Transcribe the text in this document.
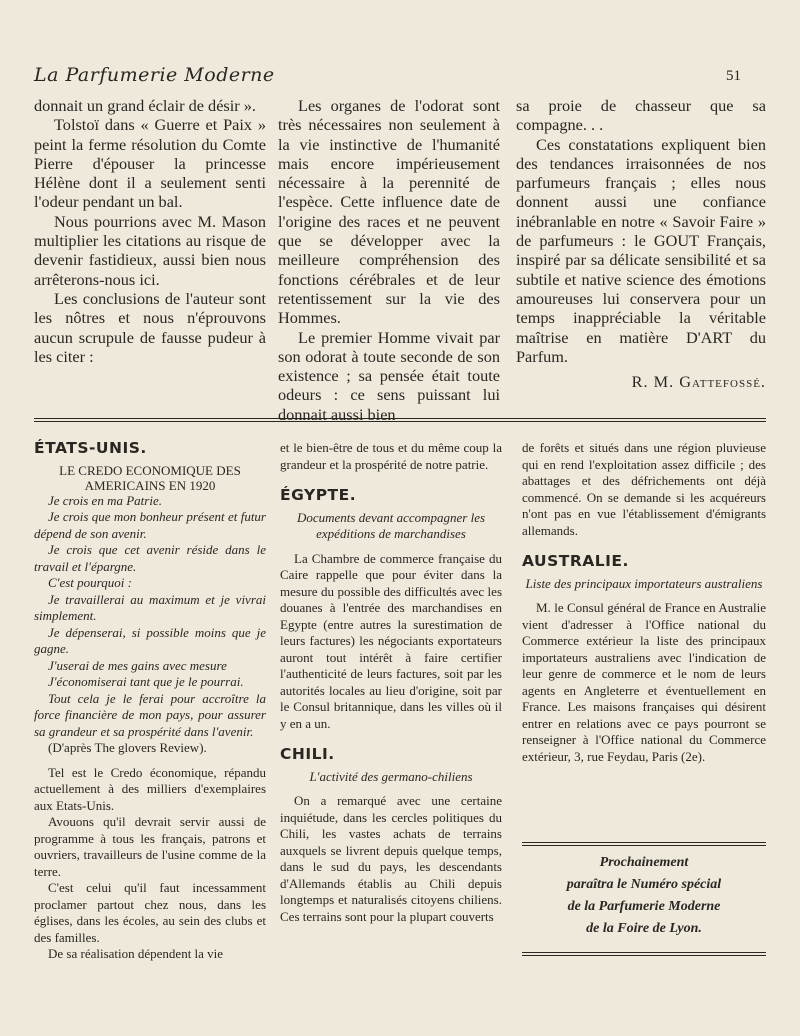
La Parfumerie Moderne	51

donnait un grand éclair de désir ».

Tolstoï dans « Guerre et Paix » peint la ferme résolution du Comte Pierre d'épouser la princesse Hélène dont il a seulement senti l'odeur pendant un bal.

Nous pourrions avec M. Mason multiplier les citations au risque de devenir fastidieux, aussi bien nous arrêterons-nous ici.

Les conclusions de l'auteur sont les nôtres et nous n'éprouvons aucun scrupule de fausse pudeur à les citer :

Les organes de l'odorat sont très nécessaires non seulement à la vie instinctive de l'humanité mais encore impérieusement nécessaire à la perennité de l'espèce. Cette influence date de l'origine des races et ne peuvent que se développer avec la meilleure compréhension des fonctions cérébrales et de leur retentissement sur la vie des Hommes.

Le premier Homme vivait par son odorat à toute seconde de son existence ; sa pensée était toute odeurs : ce sens puissant lui donnait aussi bien

sa proie de chasseur que sa compagne. . .

Ces constatations expliquent bien des tendances irraisonnées de nos parfumeurs français ; elles nous donnent aussi une confiance inébranlable en notre « Savoir Faire » de parfumeurs : le GOUT Français, inspiré par sa délicate sensibilité et sa subtile et native science des émotions amoureuses lui conservera pour un temps inappréciable la véritable maîtrise en matière D'ART du Parfum.

R. M. Gattefossé.

ÉTATS-UNIS.

LE CREDO ECONOMIQUE DES AMERICAINS EN 1920

Je crois en ma Patrie.

Je crois que mon bonheur présent et futur dépend de son avenir.

Je crois que cet avenir réside dans le travail et l'épargne.

C'est pourquoi :

Je travaillerai au maximum et je vivrai simplement.

Je dépenserai, si possible moins que je gagne.

J'userai de mes gains avec mesure

J'économiserai tant que je le pourrai.

Tout cela je le ferai pour accroître la force financière de mon pays, pour assurer sa grandeur et sa prospérité dans l'avenir.

(D'après The glovers Review).

Tel est le Credo économique, répandu actuellement à des milliers d'exemplaires aux Etats-Unis.

Avouons qu'il devrait servir aussi de programme à tous les français, patrons et ouvriers, travailleurs de l'usine comme de la terre.

C'est celui qu'il faut incessamment proclamer partout chez nous, dans les églises, dans les écoles, au sein des clubs et des familles.

De sa réalisation dépendent la vie

et le bien-être de tous et du même coup la grandeur et la prospérité de notre patrie.

ÉGYPTE.

Documents devant accompagner les expéditions de marchandises

La Chambre de commerce française du Caire rappelle que pour éviter dans la mesure du possible des difficultés avec les douanes à l'entrée des marchandises en Egypte (entre autres la surestimation de leurs factures) les négociants exportateurs auront tout intérêt à faire certifier l'authenticité de leurs factures, soit par les autorités locales au lieu d'origine, soit par le Consul britannique, dans les villes où il y en a un.

CHILI.

L'activité des germano-chiliens

On a remarqué avec une certaine inquiétude, dans les cercles politiques du Chili, les vastes achats de terrains auxquels se livrent depuis quelque temps, dans le sud du pays, les descendants d'Allemands établis au Chili depuis longtemps et naturalisés citoyens chiliens. Ces terrains sont pour la plupart couverts

de forêts et situés dans une région pluvieuse qui en rend l'exploitation assez difficile ; des abattages et des défrichements ont déjà commencé. On se demande si les acquéreurs n'ont pas en vue l'établissement d'émigrants allemands.

AUSTRALIE.

Liste des principaux importateurs australiens

M. le Consul général de France en Australie vient d'adresser à l'Office national du Commerce extérieur la liste des principaux importateurs australiens avec l'indication de leur genre de commerce et le nom de leurs agents en Angleterre et éventuellement en France. Les maisons françaises qui désirent entrer en relations avec ce pays pourront se renseigner à l'Office national du Commerce extérieur, 3, rue Feydau, Paris (2e).

Prochainement
paraîtra le Numéro spécial
de la Parfumerie Moderne
de la Foire de Lyon.
